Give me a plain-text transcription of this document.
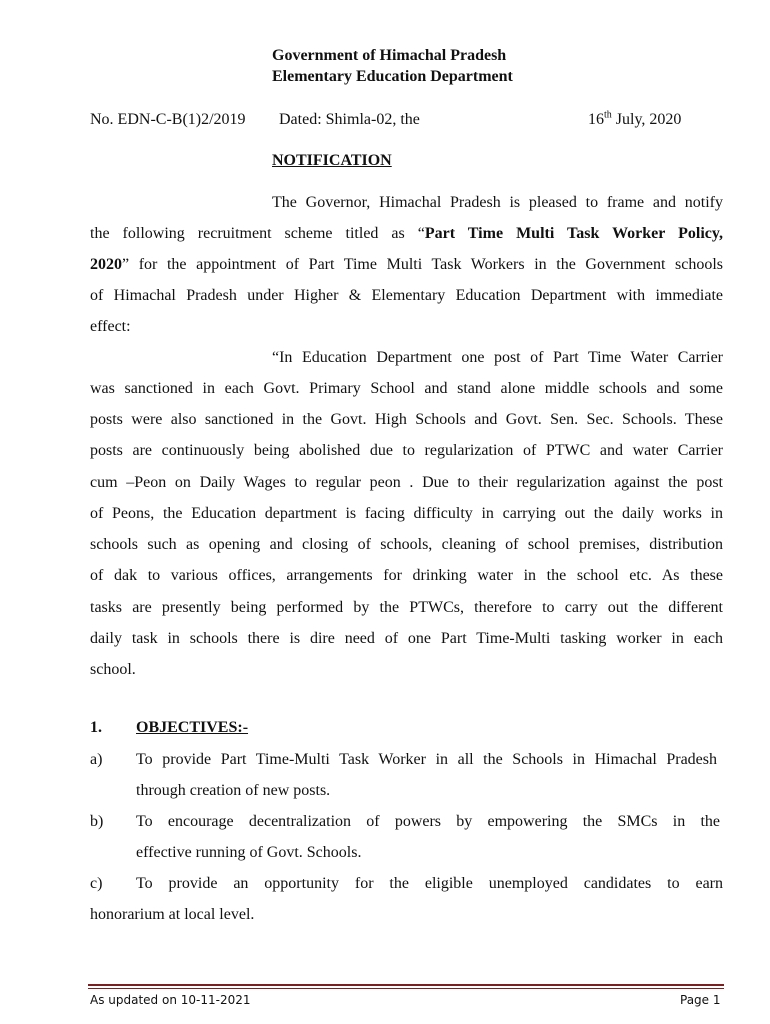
Government of Himachal Pradesh
Elementary Education Department
No. EDN-C-B(1)2/2019 Dated: Shimla-02, the	16th July, 2020
NOTIFICATION
The Governor, Himachal Pradesh is pleased to frame and notify
the following recruitment scheme titled as “Part Time Multi Task Worker Policy,
2020” for the appointment of Part Time Multi Task Workers in the Government schools
of Himachal Pradesh under Higher & Elementary Education Department with immediate
effect:
“In Education Department one post of Part Time Water Carrier
was sanctioned in each Govt. Primary School and stand alone middle schools and some
posts were also sanctioned in the Govt. High Schools and Govt. Sen. Sec. Schools. These
posts are continuously being abolished due to regularization of PTWC and water Carrier
cum –Peon on Daily Wages to regular peon . Due to their regularization against the post
of Peons, the Education department is facing difficulty in carrying out the daily works in
schools such as opening and closing of schools, cleaning of school premises, distribution
of dak to various offices, arrangements for drinking water in the school etc. As these
tasks are presently being performed by the PTWCs, therefore to carry out the different
daily task in schools there is dire need of one Part Time-Multi tasking worker in each
school.
1. OBJECTIVES:-
a) To provide Part Time-Multi Task Worker in all the Schools in Himachal Pradesh
through creation of new posts.
b) To encourage decentralization of powers by empowering the SMCs in the
effective running of Govt. Schools.
c) To provide an opportunity for the eligible unemployed candidates to earn
honorarium at local level.
As updated on 10-11-2021	Page 1
